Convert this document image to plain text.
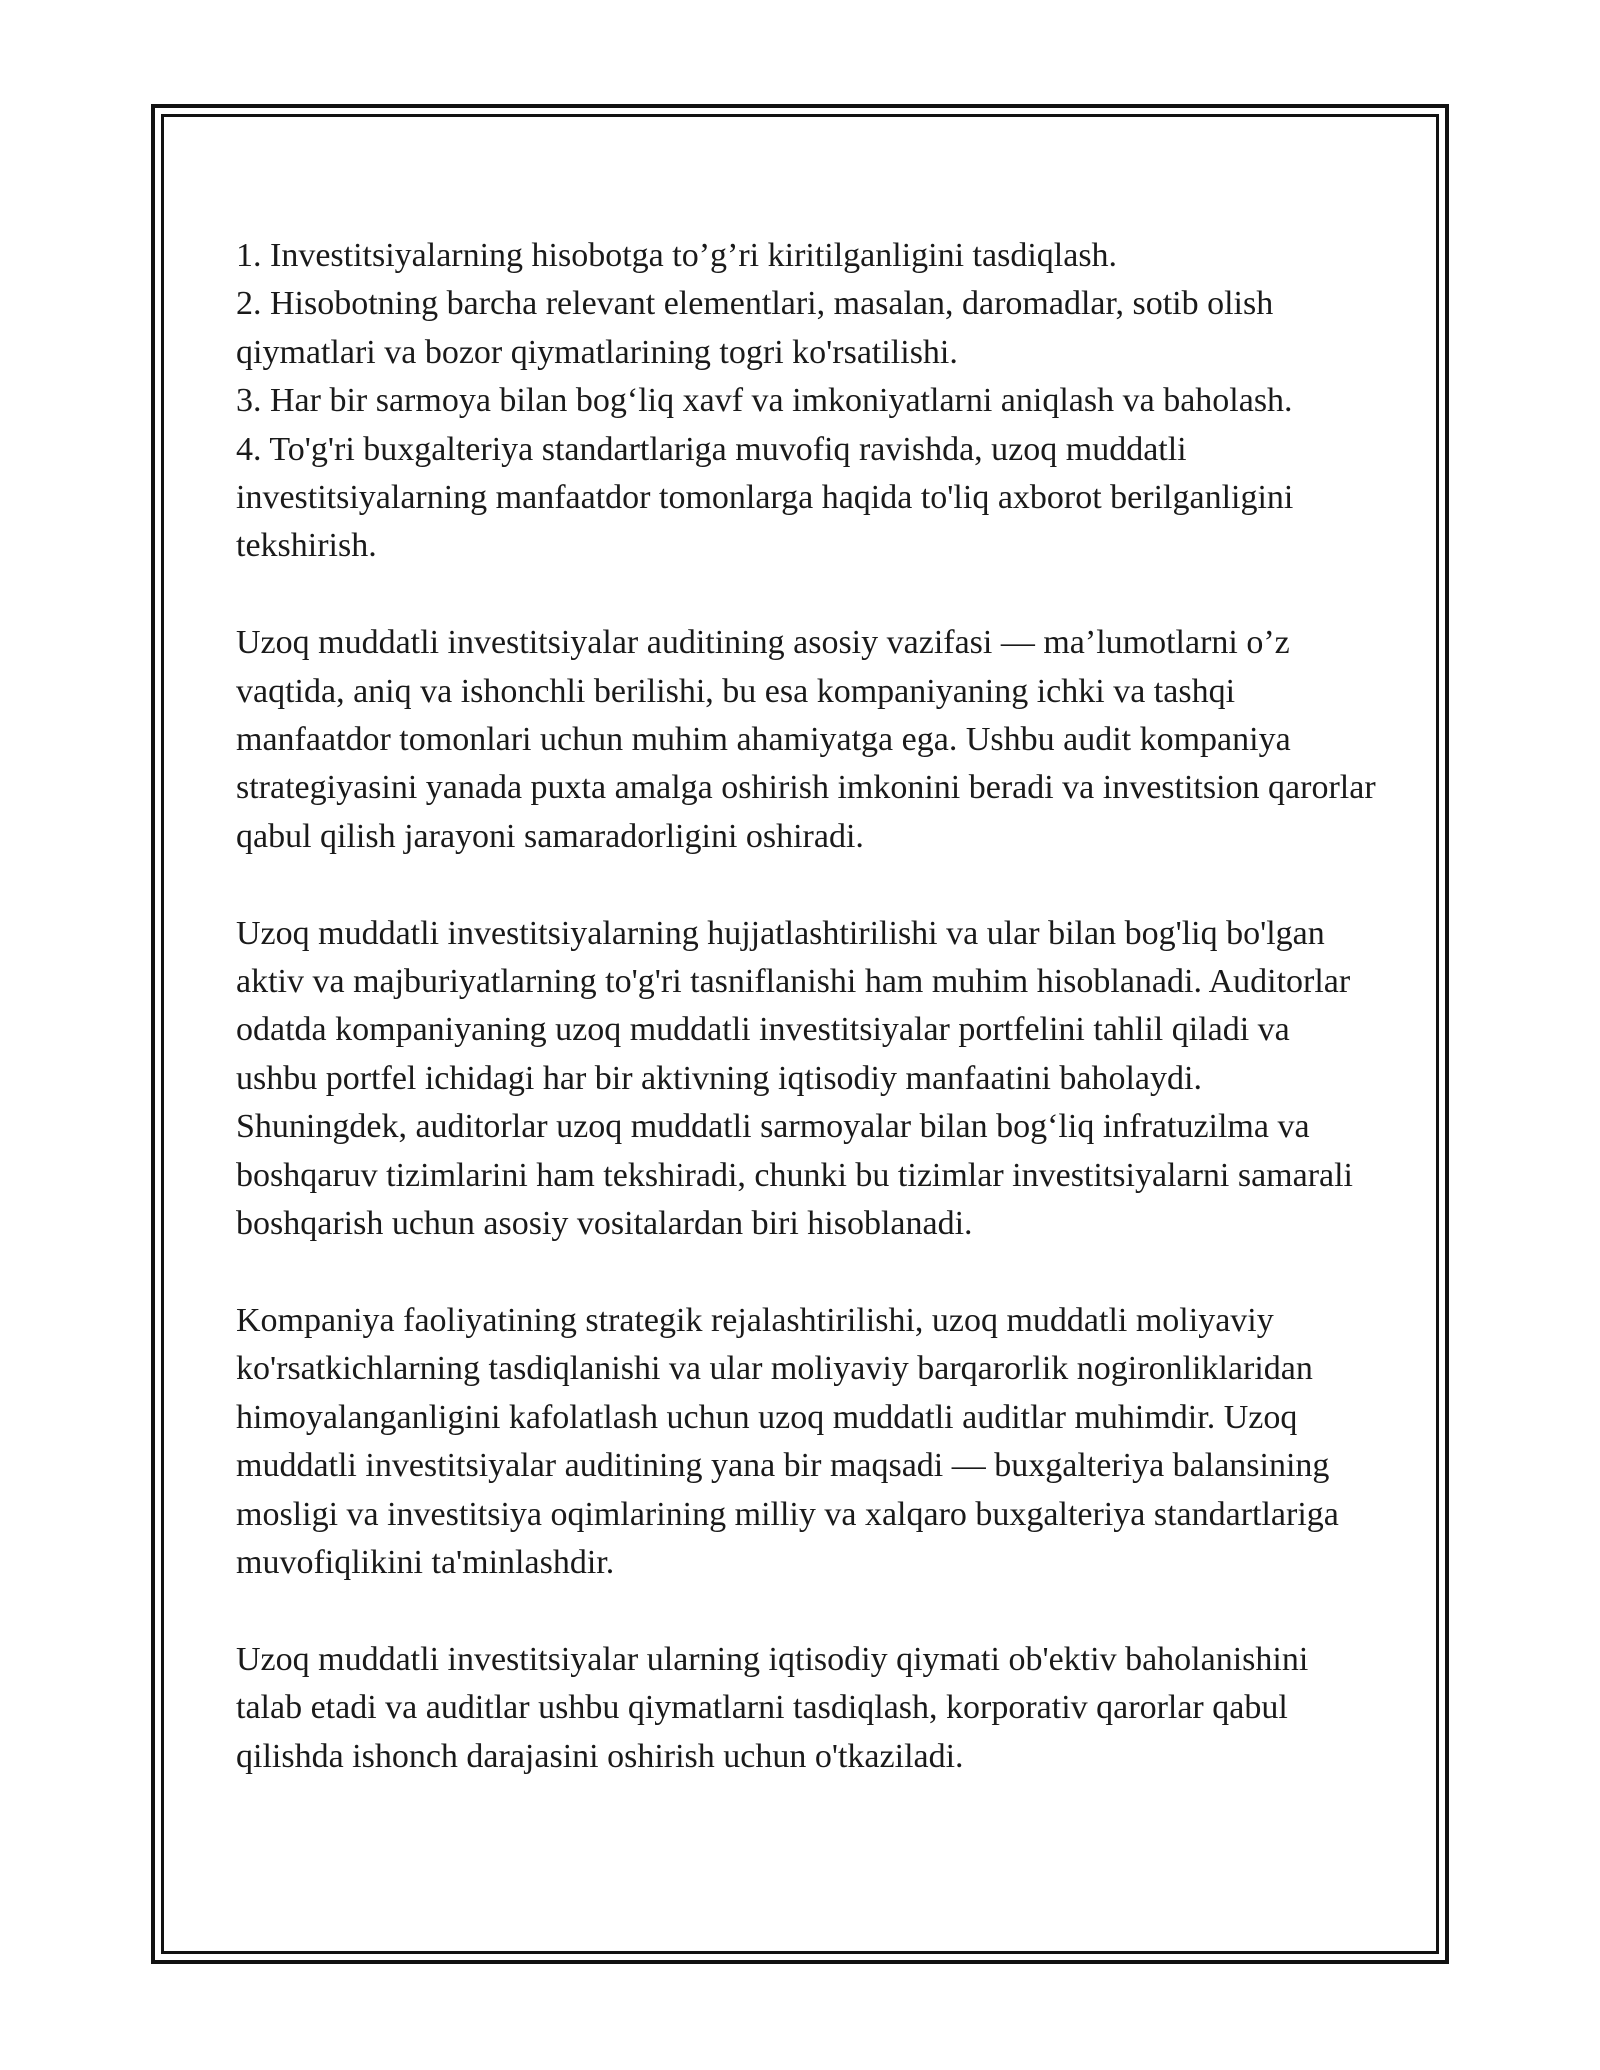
1. Investitsiyalarning hisobotga to’g’ri kiritilganligini tasdiqlash.

2. Hisobotning barcha relevant elementlari, masalan, daromadlar, sotib olish qiymatlari va bozor qiymatlarining togri ko'rsatilishi.

3. Har bir sarmoya bilan bog‘liq xavf va imkoniyatlarni aniqlash va baholash.

4. To'g'ri buxgalteriya standartlariga muvofiq ravishda, uzoq muddatli investitsiyalarning manfaatdor tomonlarga haqida to'liq axborot berilganligini tekshirish.

Uzoq muddatli investitsiyalar auditining asosiy vazifasi — ma’lumotlarni o’z vaqtida, aniq va ishonchli berilishi, bu esa kompaniyaning ichki va tashqi manfaatdor tomonlari uchun muhim ahamiyatga ega. Ushbu audit kompaniya strategiyasini yanada puxta amalga oshirish imkonini beradi va investitsion qarorlar qabul qilish jarayoni samaradorligini oshiradi.

Uzoq muddatli investitsiyalarning hujjatlashtirilishi va ular bilan bog'liq bo'lgan aktiv va majburiyatlarning to'g'ri tasniflanishi ham muhim hisoblanadi. Auditorlar odatda kompaniyaning uzoq muddatli investitsiyalar portfelini tahlil qiladi va ushbu portfel ichidagi har bir aktivning iqtisodiy manfaatini baholaydi. Shuningdek, auditorlar uzoq muddatli sarmoyalar bilan bog‘liq infratuzilma va boshqaruv tizimlarini ham tekshiradi, chunki bu tizimlar investitsiyalarni samarali boshqarish uchun asosiy vositalardan biri hisoblanadi.

Kompaniya faoliyatining strategik rejalashtirilishi, uzoq muddatli moliyaviy ko'rsatkichlarning tasdiqlanishi va ular moliyaviy barqarorlik nogironliklaridan himoyalanganligini kafolatlash uchun uzoq muddatli auditlar muhimdir. Uzoq muddatli investitsiyalar auditining yana bir maqsadi — buxgalteriya balansining mosligi va investitsiya oqimlarining milliy va xalqaro buxgalteriya standartlariga muvofiqlikini ta'minlashdir.

Uzoq muddatli investitsiyalar ularning iqtisodiy qiymati ob'ektiv baholanishini talab etadi va auditlar ushbu qiymatlarni tasdiqlash, korporativ qarorlar qabul qilishda ishonch darajasini oshirish uchun o'tkaziladi.
